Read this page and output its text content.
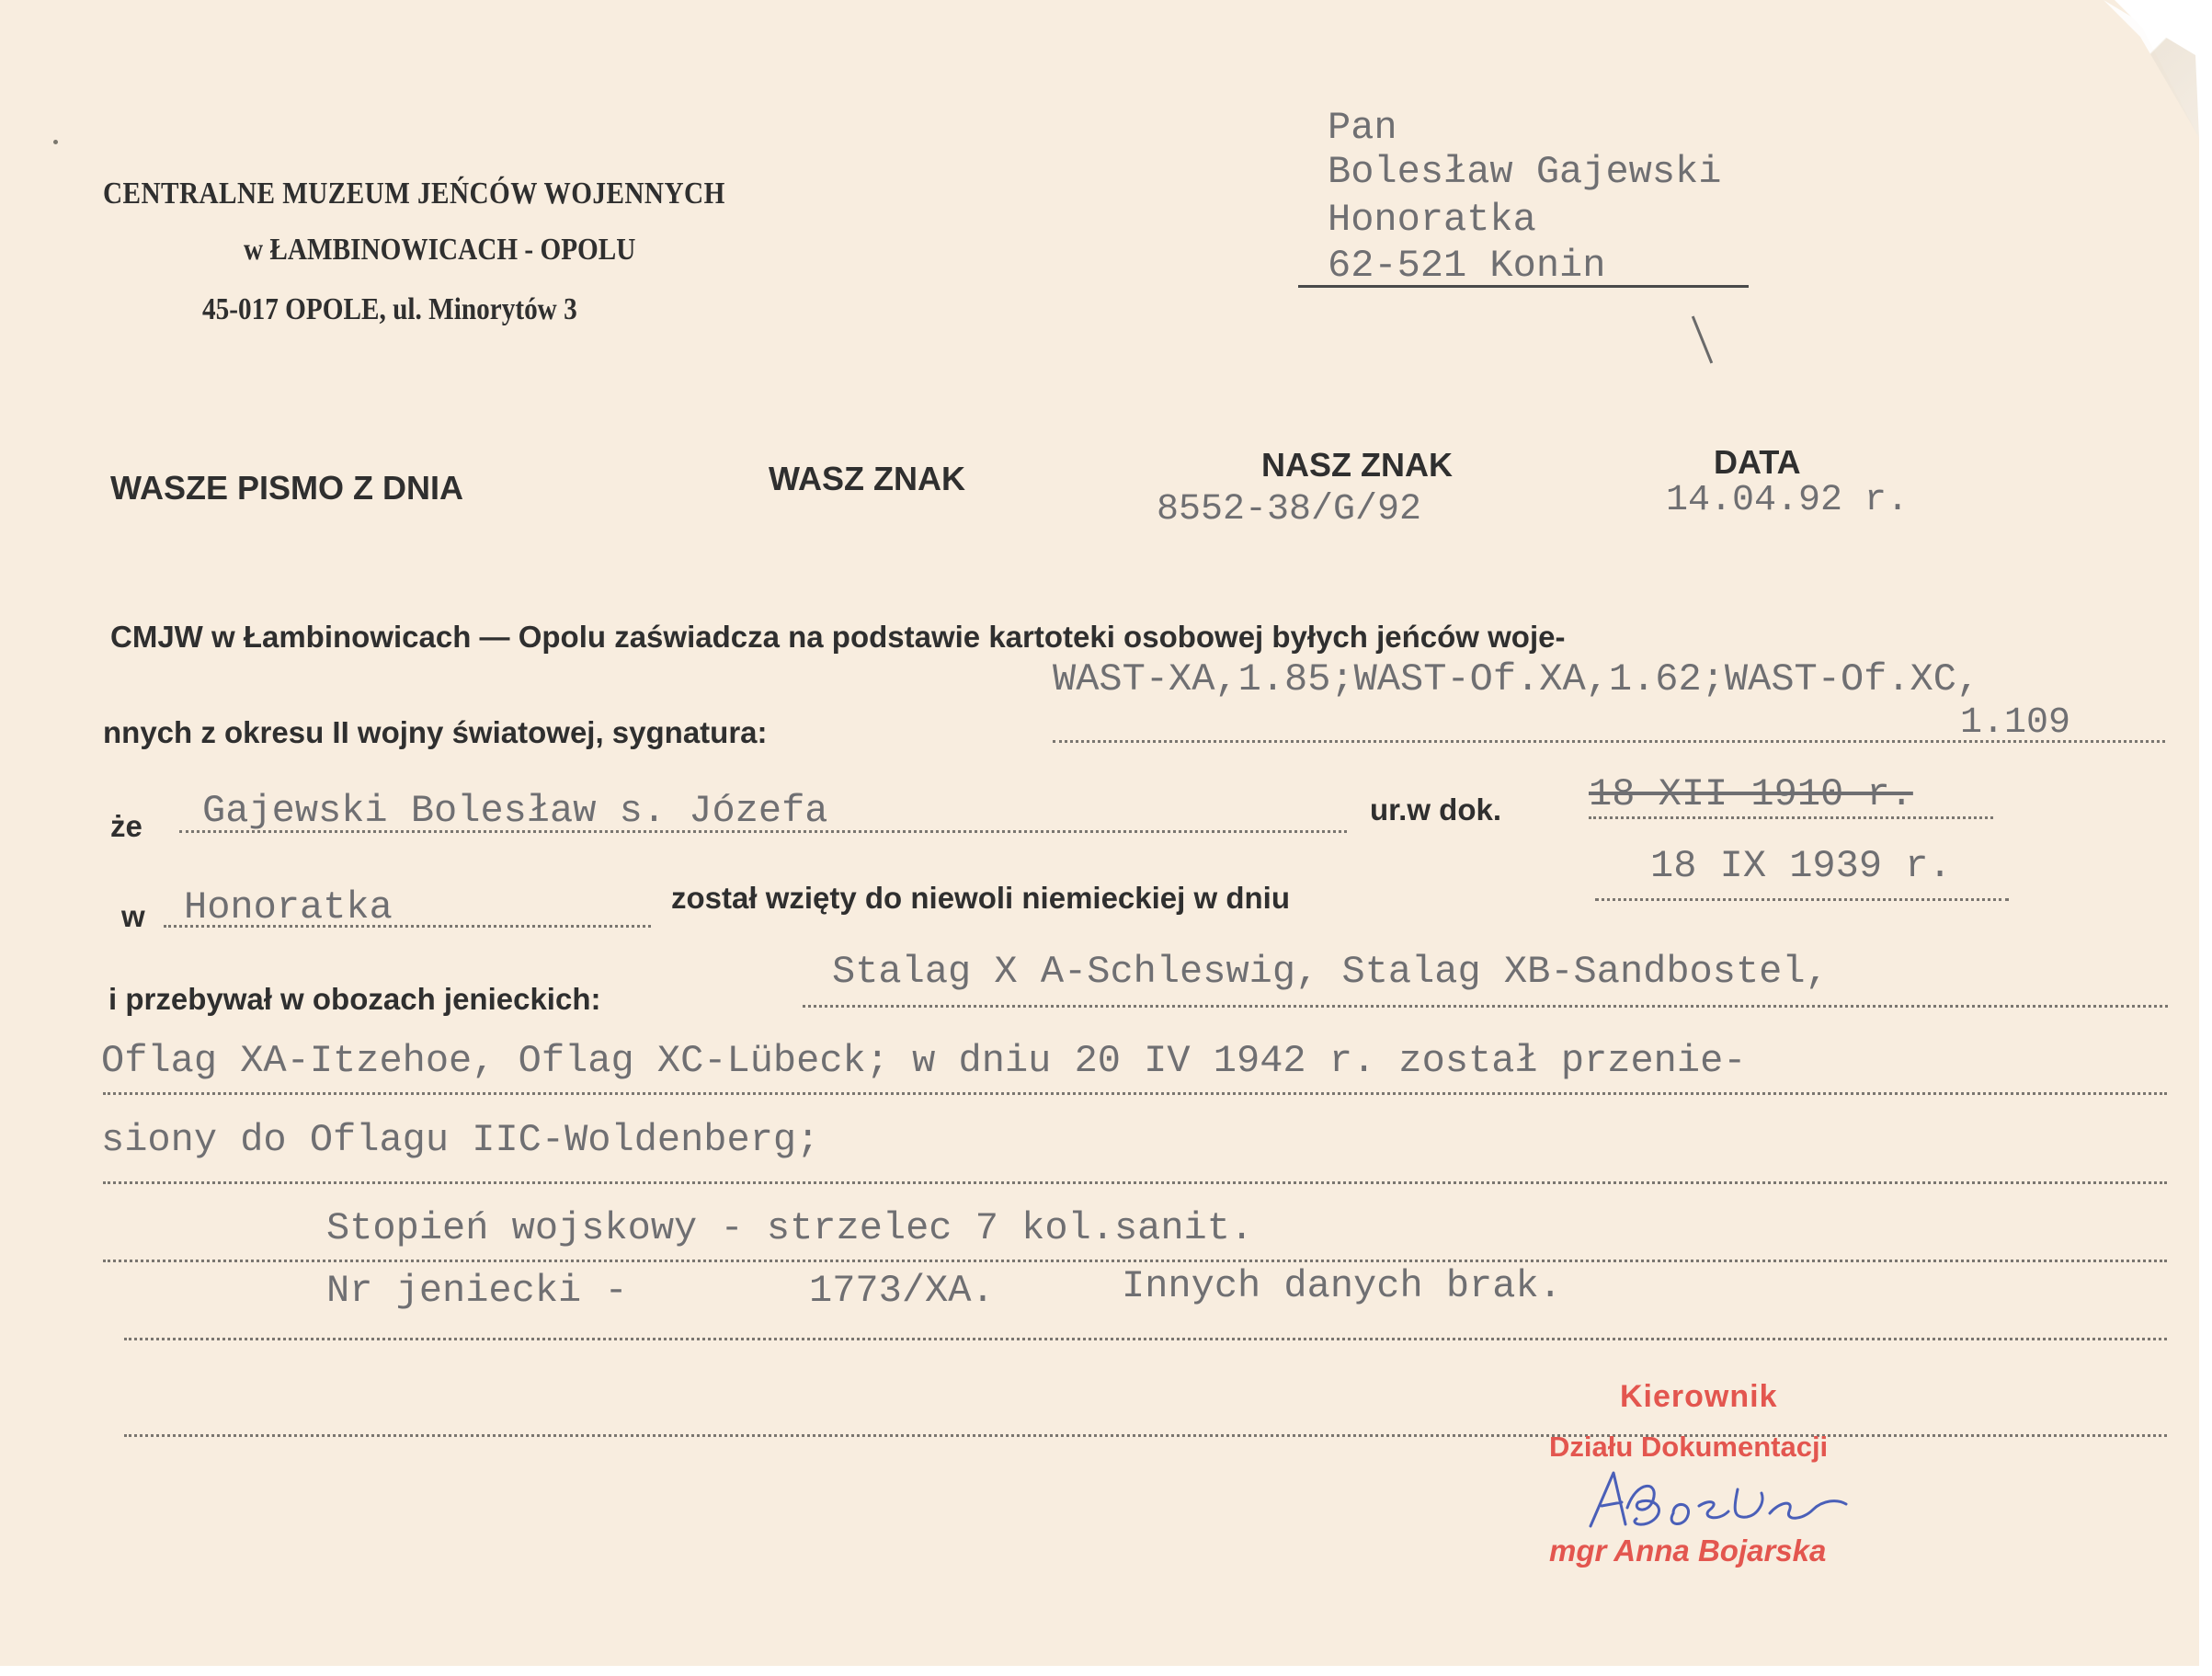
CENTRALNE MUZEUM JEŃCÓW WOJENNYCH
w ŁAMBINOWICACH - OPOLU
45-017 OPOLE, ul. Minorytów 3
Pan
Bolesław Gajewski
Honoratka
62-521 Konin
WASZE PISMO Z DNIA	WASZ ZNAK	NASZ ZNAK
8552-38/G/92
DATA
14.04.92 r.
CMJW w Łambinowicach — Opolu zaświadcza na podstawie kartoteki osobowej byłych jeńców woje-
nnych z okresu II wojny światowej, sygnatura:
WAST-XA,1.85;WAST-Of.XA,1.62;WAST-Of.XC,
1.109
że Gajewski Bolesław s. Józefa	ur.w dok. 18 XII 1910 r.
w Honoratka	został wzięty do niewoli niemieckiej w dniu
18 IX 1939 r.
i przebywał w obozach jenieckich:
Stalag X A-Schleswig, Stalag XB-Sandbostel,
Oflag XA-Itzehoe, Oflag XC-Lübeck; w dniu 20 IV 1942 r. został przenie-
siony do Oflagu IIC-Woldenberg;
Stopień wojskowy - strzelec 7 kol.sanit.
Nr jeniecki -	1773/XA.	Innych danych brak.
Kierownik
Działu Dokumentacji
mgr Anna Bojarska
